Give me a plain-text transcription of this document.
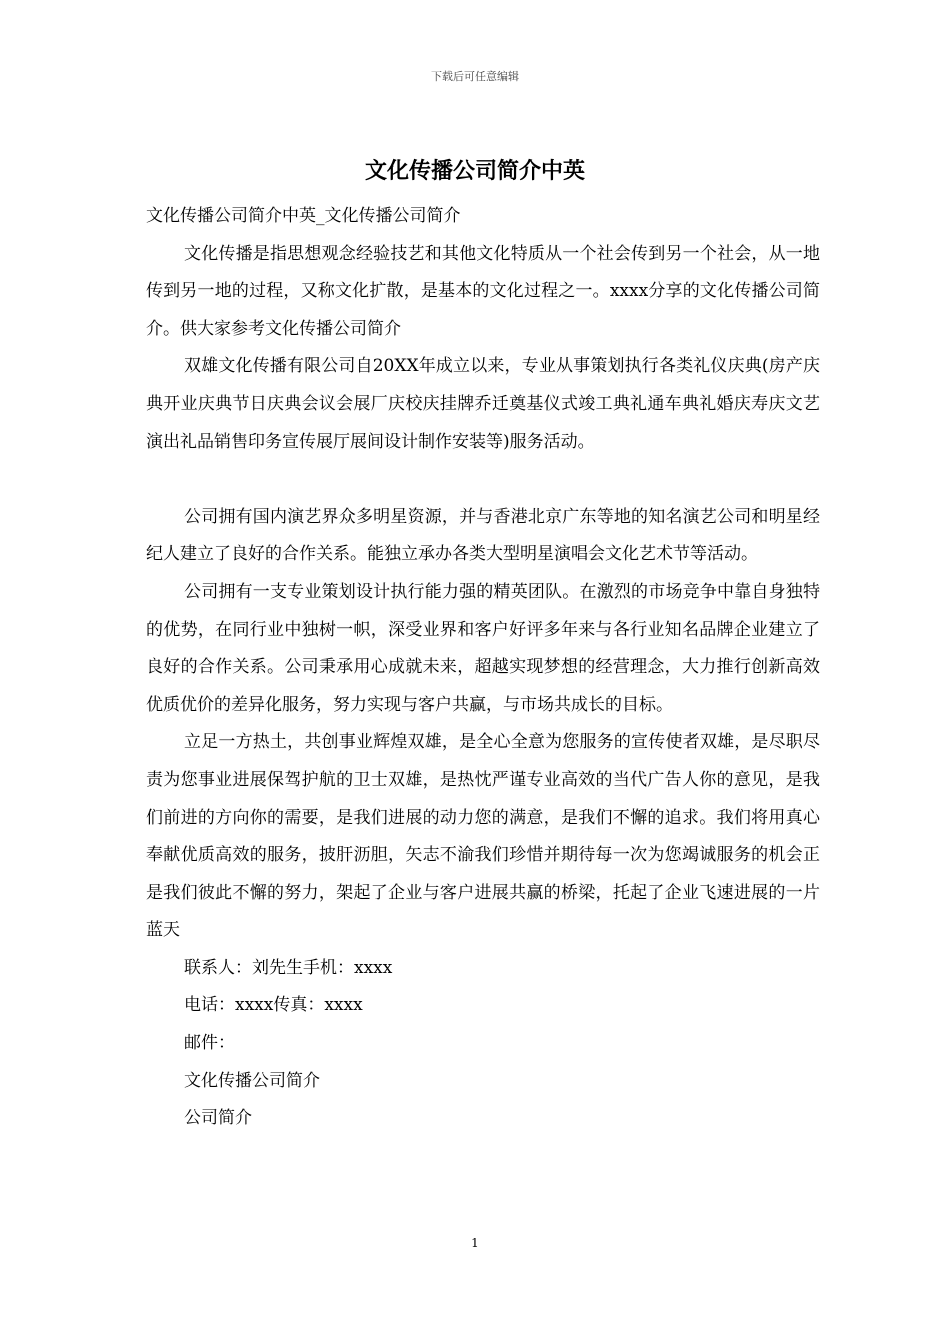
下载后可任意编辑
文化传播公司简介中英

文化传播公司简介中英_文化传播公司简介

文化传播是指思想观念经验技艺和其他文化特质从一个社会传到另一个社会，从一地传到另一地的过程，又称文化扩散，是基本的文化过程之一。xxxx分享的文化传播公司简介。供大家参考文化传播公司简介

双雄文化传播有限公司自20XX年成立以来，专业从事策划执行各类礼仪庆典(房产庆典开业庆典节日庆典会议会展厂庆校庆挂牌乔迁奠基仪式竣工典礼通车典礼婚庆寿庆文艺演出礼品销售印务宣传展厅展间设计制作安装等)服务活动。

公司拥有国内演艺界众多明星资源，并与香港北京广东等地的知名演艺公司和明星经纪人建立了良好的合作关系。能独立承办各类大型明星演唱会文化艺术节等活动。

公司拥有一支专业策划设计执行能力强的精英团队。在激烈的市场竞争中靠自身独特的优势，在同行业中独树一帜，深受业界和客户好评多年来与各行业知名品牌企业建立了良好的合作关系。公司秉承用心成就未来，超越实现梦想的经营理念，大力推行创新高效优质优价的差异化服务，努力实现与客户共赢，与市场共成长的目标。

立足一方热土，共创事业辉煌双雄，是全心全意为您服务的宣传使者双雄，是尽职尽责为您事业进展保驾护航的卫士双雄，是热忱严谨专业高效的当代广告人你的意见，是我们前进的方向你的需要，是我们进展的动力您的满意，是我们不懈的追求。我们将用真心奉献优质高效的服务，披肝沥胆，矢志不渝我们珍惜并期待每一次为您竭诚服务的机会正是我们彼此不懈的努力，架起了企业与客户进展共赢的桥梁，托起了企业飞速进展的一片蓝天

联系人：刘先生手机：xxxx

电话：xxxx传真：xxxx

邮件：

文化传播公司简介

公司简介

1
